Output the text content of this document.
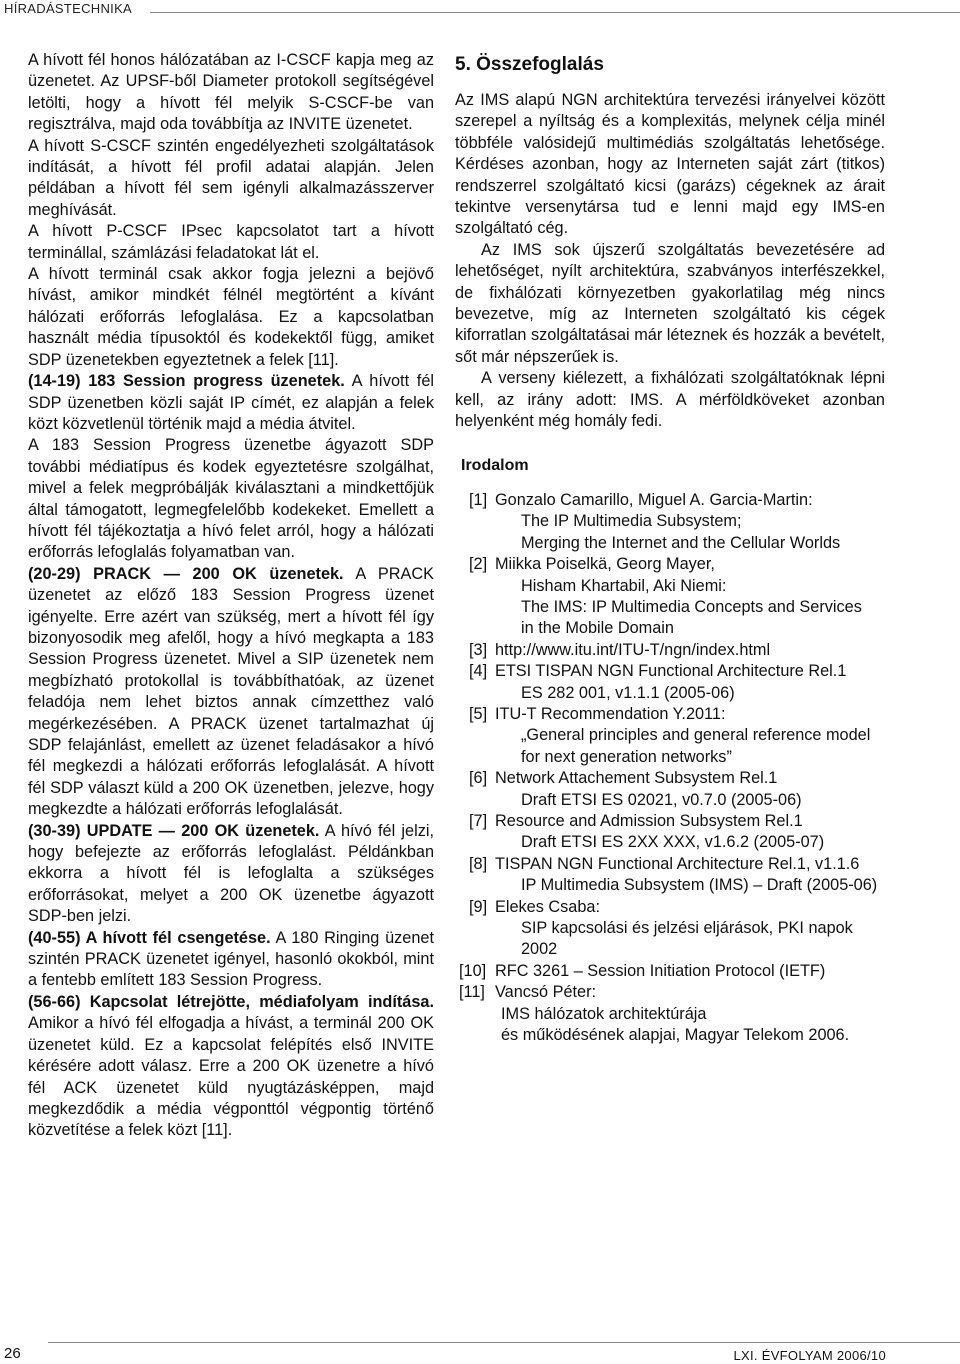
HÍRADÁSTECHNIKA

A hívott fél honos hálózatában az I-CSCF kapja meg az üzenetet. Az UPSF-ből Diameter protokoll segítségével letölti, hogy a hívott fél melyik S-CSCF-be van regisztrálva, majd oda továbbítja az INVITE üzenetet.

A hívott S-CSCF szintén engedélyezheti szolgáltatások indítását, a hívott fél profil adatai alapján. Jelen példában a hívott fél sem igényli alkalmazásszerver meghívását.

A hívott P-CSCF IPsec kapcsolatot tart a hívott terminállal, számlázási feladatokat lát el.

A hívott terminál csak akkor fogja jelezni a bejövő hívást, amikor mindkét félnél megtörtént a kívánt hálózati erőforrás lefoglalása. Ez a kapcsolatban használt média típusoktól és kodekektől függ, amiket SDP üzenetekben egyeztetnek a felek [11].

(14-19) 183 Session progress üzenetek. A hívott fél SDP üzenetben közli saját IP címét, ez alapján a felek közt közvetlenül történik majd a média átvitel.

A 183 Session Progress üzenetbe ágyazott SDP további médiatípus és kodek egyeztetésre szolgálhat, mivel a felek megpróbálják kiválasztani a mindkettőjük által támogatott, legmegfelelőbb kodekeket. Emellett a hívott fél tájékoztatja a hívó felet arról, hogy a hálózati erőforrás lefoglalás folyamatban van.

(20-29) PRACK — 200 OK üzenetek. A PRACK üzenetet az előző 183 Session Progress üzenet igényelte. Erre azért van szükség, mert a hívott fél így bizonyosodik meg afelől, hogy a hívó megkapta a 183 Session Progress üzenetet. Mivel a SIP üzenetek nem megbízható protokollal is továbbíthatóak, az üzenet feladója nem lehet biztos annak címzetthez való megérkezésében. A PRACK üzenet tartalmazhat új SDP felajánlást, emellett az üzenet feladásakor a hívó fél megkezdi a hálózati erőforrás lefoglalását. A hívott fél SDP választ küld a 200 OK üzenetben, jelezve, hogy megkezdte a hálózati erőforrás lefoglalását.

(30-39) UPDATE — 200 OK üzenetek. A hívó fél jelzi, hogy befejezte az erőforrás lefoglalást. Példánkban ekkorra a hívott fél is lefoglalta a szükséges erőforrásokat, melyet a 200 OK üzenetbe ágyazott SDP-ben jelzi.

(40-55) A hívott fél csengetése. A 180 Ringing üzenet szintén PRACK üzenetet igényel, hasonló okokból, mint a fentebb említett 183 Session Progress.

(56-66) Kapcsolat létrejötte, médiafolyam indítása. Amikor a hívó fél elfogadja a hívást, a terminál 200 OK üzenetet küld. Ez a kapcsolat felépítés első INVITE kérésére adott válasz. Erre a 200 OK üzenetre a hívó fél ACK üzenetet küld nyugtázásképpen, majd megkezdődik a média végponttól végpontig történő közvetítése a felek közt [11].

5. Összefoglalás

Az IMS alapú NGN architektúra tervezési irányelvei között szerepel a nyíltság és a komplexitás, melynek célja minél többféle valósidejű multimédiás szolgáltatás lehetősége. Kérdéses azonban, hogy az Interneten saját zárt (titkos) rendszerrel szolgáltató kicsi (garázs) cégeknek az árait tekintve versenytársa tud e lenni majd egy IMS-en szolgáltató cég.

Az IMS sok újszerű szolgáltatás bevezetésére ad lehetőséget, nyílt architektúra, szabványos interfészekkel, de fixhálózati környezetben gyakorlatilag még nincs bevezetve, míg az Interneten szolgáltató kis cégek kiforratlan szolgáltatásai már léteznek és hozzák a bevételt, sőt már népszerűek is.

A verseny kiélezett, a fixhálózati szolgáltatóknak lépni kell, az irány adott: IMS. A mérföldköveket azonban helyenként még homály fedi.

Irodalom
[1] Gonzalo Camarillo, Miguel A. Garcia-Martin:
The IP Multimedia Subsystem;
Merging the Internet and the Cellular Worlds
[2] Miikka Poiselkä, Georg Mayer,
Hisham Khartabil, Aki Niemi:
The IMS: IP Multimedia Concepts and Services
in the Mobile Domain
[3] http://www.itu.int/ITU-T/ngn/index.html
[4] ETSI TISPAN NGN Functional Architecture Rel.1
ES 282 001, v1.1.1 (2005-06)
[5] ITU-T Recommendation Y.2011:
„General principles and general reference model
for next generation networks”
[6] Network Attachement Subsystem Rel.1
Draft ETSI ES 02021, v0.7.0 (2005-06)
[7] Resource and Admission Subsystem Rel.1
Draft ETSI ES 2XX XXX, v1.6.2 (2005-07)
[8] TISPAN NGN Functional Architecture Rel.1, v1.1.6
IP Multimedia Subsystem (IMS) – Draft (2005-06)
[9] Elekes Csaba:
SIP kapcsolási és jelzési eljárások, PKI napok 2002
[10] RFC 3261 – Session Initiation Protocol (IETF)
[11] Vancsó Péter:
IMS hálózatok architektúrája
és működésének alapjai, Magyar Telekom 2006.
26	LXI. ÉVFOLYAM 2006/10
